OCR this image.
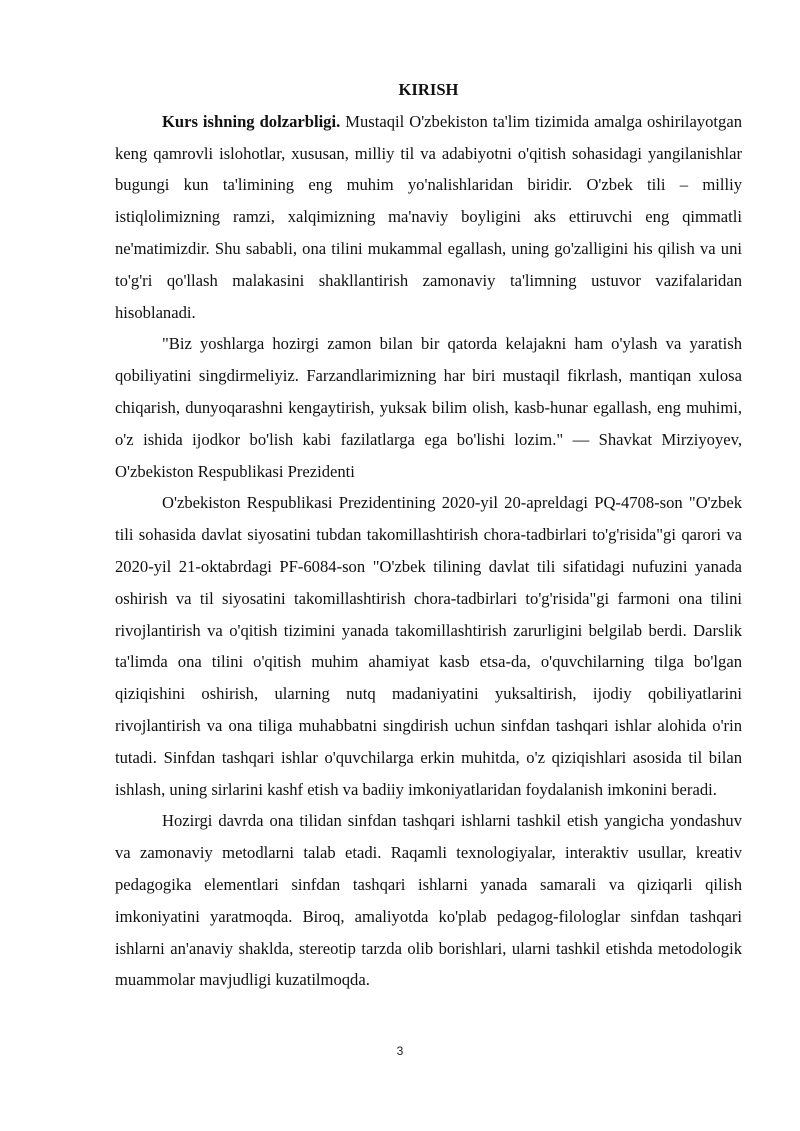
KIRISH

Kurs ishning dolzarbligi. Mustaqil O'zbekiston ta'lim tizimida amalga oshirilayotgan keng qamrovli islohotlar, xususan, milliy til va adabiyotni o'qitish sohasidagi yangilanishlar bugungi kun ta'limining eng muhim yo'nalishlaridan biridir. O'zbek tili – milliy istiqlolimizning ramzi, xalqimizning ma'naviy boyligini aks ettiruvchi eng qimmatli ne'matimizdir. Shu sababli, ona tilini mukammal egallash, uning go'zalligini his qilish va uni to'g'ri qo'llash malakasini shakllantirish zamonaviy ta'limning ustuvor vazifalaridan hisoblanadi.

"Biz yoshlarga hozirgi zamon bilan bir qatorda kelajakni ham o'ylash va yaratish qobiliyatini singdirmeliyiz. Farzandlarimizning har biri mustaqil fikrlash, mantiqan xulosa chiqarish, dunyoqarashni kengaytirish, yuksak bilim olish, kasb-hunar egallash, eng muhimi, o'z ishida ijodkor bo'lish kabi fazilatlarga ega bo'lishi lozim." — Shavkat Mirziyoyev, O'zbekiston Respublikasi Prezidenti

O'zbekiston Respublikasi Prezidentining 2020-yil 20-apreldagi PQ-4708-son "O'zbek tili sohasida davlat siyosatini tubdan takomillashtirish chora-tadbirlari to'g'risida"gi qarori va 2020-yil 21-oktabrdagi PF-6084-son "O'zbek tilining davlat tili sifatidagi nufuzini yanada oshirish va til siyosatini takomillashtirish chora-tadbirlari to'g'risida"gi farmoni ona tilini rivojlantirish va o'qitish tizimini yanada takomillashtirish zarurligini belgilab berdi. Darslik ta'limda ona tilini o'qitish muhim ahamiyat kasb etsa-da, o'quvchilarning tilga bo'lgan qiziqishini oshirish, ularning nutq madaniyatini yuksaltirish, ijodiy qobiliyatlarini rivojlantirish va ona tiliga muhabbatni singdirish uchun sinfdan tashqari ishlar alohida o'rin tutadi. Sinfdan tashqari ishlar o'quvchilarga erkin muhitda, o'z qiziqishlari asosida til bilan ishlash, uning sirlarini kashf etish va badiiy imkoniyatlaridan foydalanish imkonini beradi.

Hozirgi davrda ona tilidan sinfdan tashqari ishlarni tashkil etish yangicha yondashuv va zamonaviy metodlarni talab etadi. Raqamli texnologiyalar, interaktiv usullar, kreativ pedagogika elementlari sinfdan tashqari ishlarni yanada samarali va qiziqarli qilish imkoniyatini yaratmoqda. Biroq, amaliyotda ko'plab pedagog-filologlar sinfdan tashqari ishlarni an'anaviy shaklda, stereotip tarzda olib borishlari, ularni tashkil etishda metodologik muammolar mavjudligi kuzatilmoqda.

3
